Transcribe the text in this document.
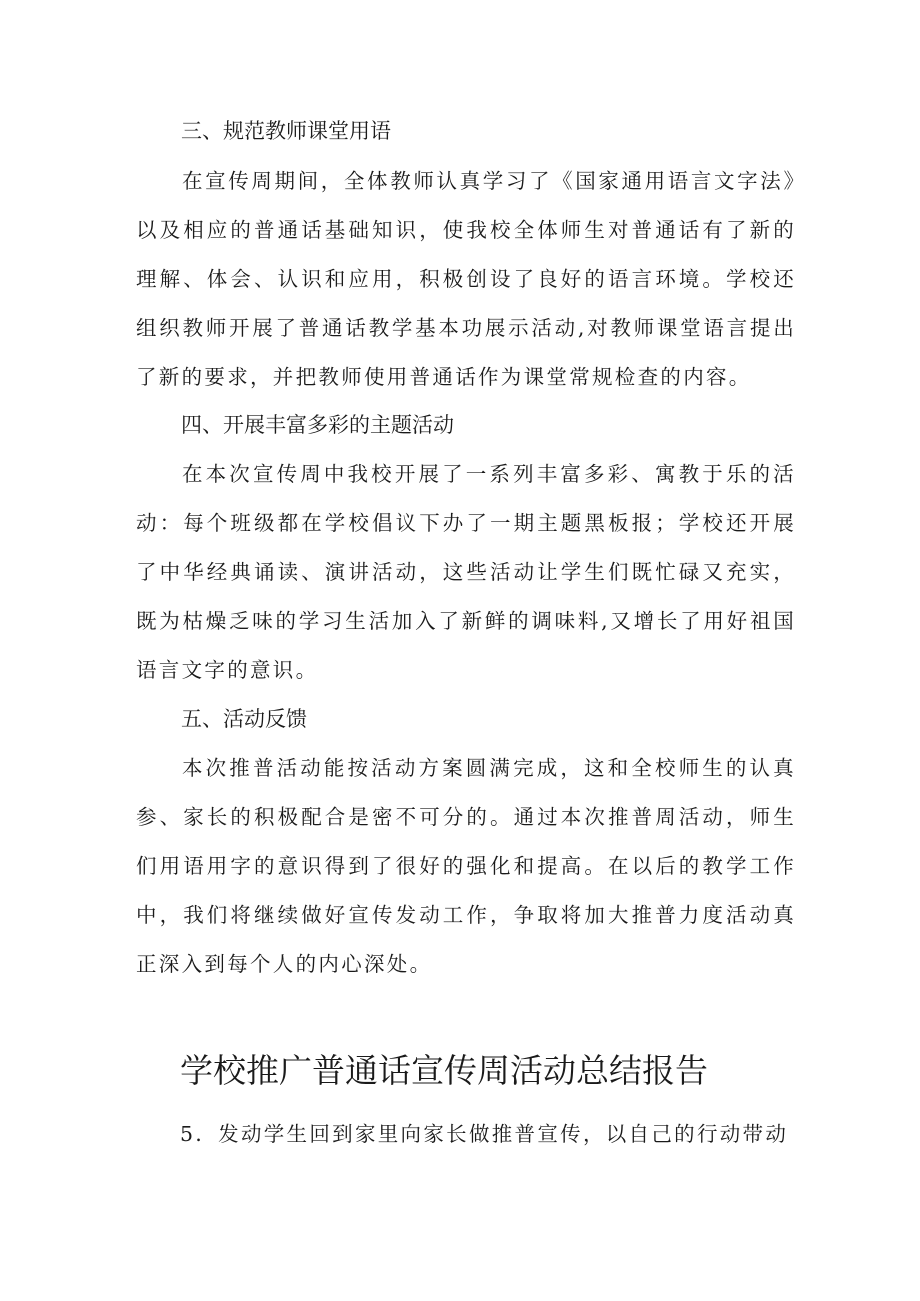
三、规范教师课堂用语

在宣传周期间，全体教师认真学习了《国家通用语言文字法》以及相应的普通话基础知识，使我校全体师生对普通话有了新的理解、体会、认识和应用，积极创设了良好的语言环境。学校还组织教师开展了普通话教学基本功展示活动,对教师课堂语言提出了新的要求，并把教师使用普通话作为课堂常规检查的内容。

四、开展丰富多彩的主题活动

在本次宣传周中我校开展了一系列丰富多彩、寓教于乐的活动：每个班级都在学校倡议下办了一期主题黑板报；学校还开展了中华经典诵读、演讲活动，这些活动让学生们既忙碌又充实，既为枯燥乏味的学习生活加入了新鲜的调味料,又增长了用好祖国语言文字的意识。

五、活动反馈

本次推普活动能按活动方案圆满完成，这和全校师生的认真参、家长的积极配合是密不可分的。通过本次推普周活动，师生们用语用字的意识得到了很好的强化和提高。在以后的教学工作中，我们将继续做好宣传发动工作，争取将加大推普力度活动真正深入到每个人的内心深处。

学校推广普通话宣传周活动总结报告

5．发动学生回到家里向家长做推普宣传，以自己的行动带动
